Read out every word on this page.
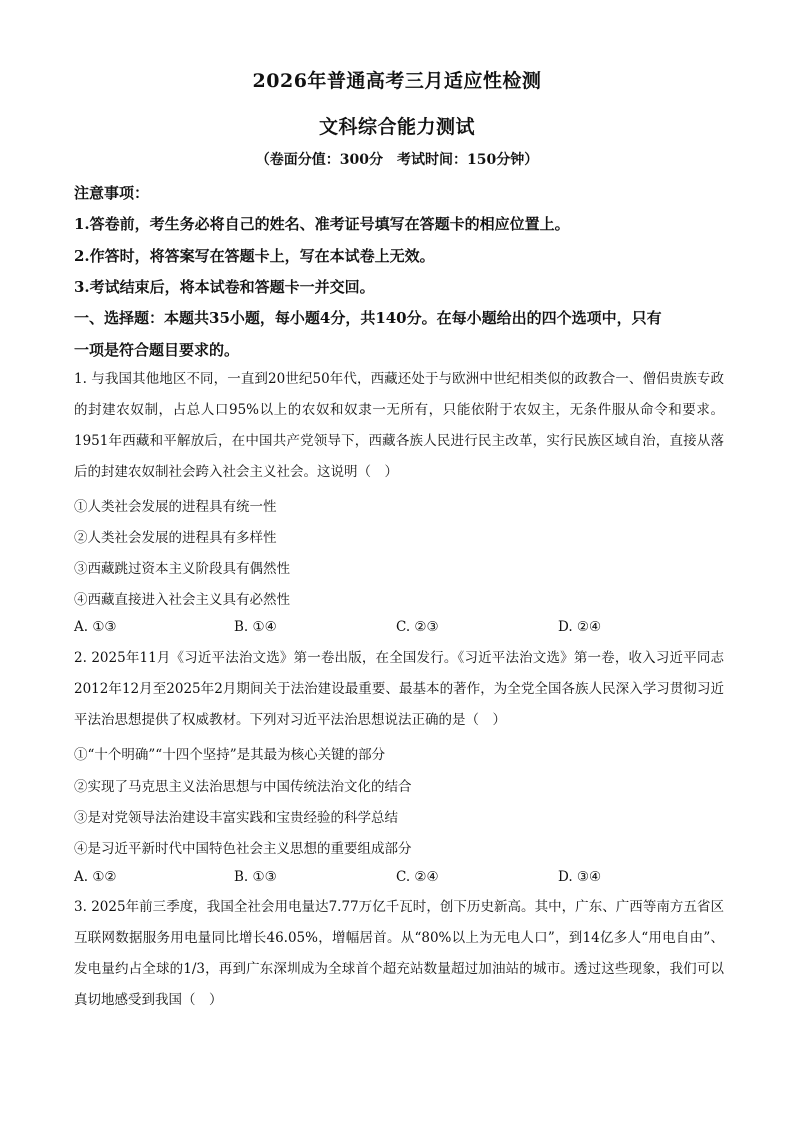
2026年普通高考三月适应性检测
文科综合能力测试
（卷面分值：300分　考试时间：150分钟）
注意事项：
1.答卷前，考生务必将自己的姓名、准考证号填写在答题卡的相应位置上。
2.作答时，将答案写在答题卡上，写在本试卷上无效。
3.考试结束后，将本试卷和答题卡一并交回。
一、选择题：本题共35小题，每小题4分，共140分。在每小题给出的四个选项中，只有
一项是符合题目要求的。
1. 与我国其他地区不同，一直到20世纪50年代，西藏还处于与欧洲中世纪相类似的政教合一、僧侣贵族专政的封建农奴制，占总人口95%以上的农奴和奴隶一无所有，只能依附于农奴主，无条件服从命令和要求。1951年西藏和平解放后，在中国共产党领导下，西藏各族人民进行民主改革，实行民族区域自治，直接从落后的封建农奴制社会跨入社会主义社会。这说明（　）
①人类社会发展的进程具有统一性
②人类社会发展的进程具有多样性
③西藏跳过资本主义阶段具有偶然性
④西藏直接进入社会主义具有必然性
A. ①③	B. ①④	C. ②③	D. ②④
2. 2025年11月《习近平法治文选》第一卷出版，在全国发行。《习近平法治文选》第一卷，收入习近平同志2012年12月至2025年2月期间关于法治建设最重要、最基本的著作，为全党全国各族人民深入学习贯彻习近平法治思想提供了权威教材。下列对习近平法治思想说法正确的是（　）
①“十个明确”“十四个坚持”是其最为核心关键的部分
②实现了马克思主义法治思想与中国传统法治文化的结合
③是对党领导法治建设丰富实践和宝贵经验的科学总结
④是习近平新时代中国特色社会主义思想的重要组成部分
A. ①②	B. ①③	C. ②④	D. ③④
3. 2025年前三季度，我国全社会用电量达7.77万亿千瓦时，创下历史新高。其中，广东、广西等南方五省区互联网数据服务用电量同比增长46.05%，增幅居首。从“80%以上为无电人口”，到14亿多人“用电自由”、发电量约占全球的1/3，再到广东深圳成为全球首个超充站数量超过加油站的城市。透过这些现象，我们可以真切地感受到我国（　）
